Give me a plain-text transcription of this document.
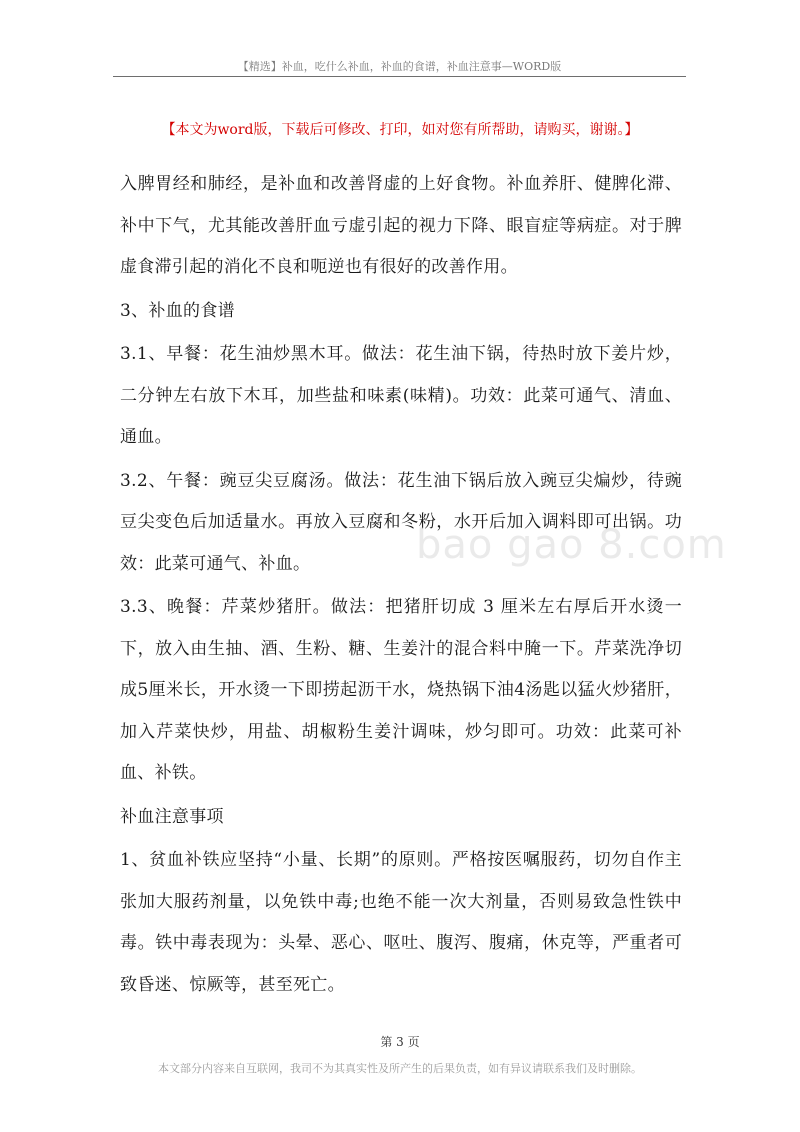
【精选】补血，吃什么补血，补血的食谱，补血注意事—WORD版
【本文为word版，下载后可修改、打印，如对您有所帮助，请购买，谢谢。】

入脾胃经和肺经，是补血和改善肾虚的上好食物。补血养肝、健脾化滞、补中下气，尤其能改善肝血亏虚引起的视力下降、眼盲症等病症。对于脾虚食滞引起的消化不良和呃逆也有很好的改善作用。

3、补血的食谱

3.1、早餐：花生油炒黑木耳。做法：花生油下锅，待热时放下姜片炒，二分钟左右放下木耳，加些盐和味素(味精)。功效：此菜可通气、清血、通血。

3.2、午餐：豌豆尖豆腐汤。做法：花生油下锅后放入豌豆尖煸炒，待豌豆尖变色后加适量水。再放入豆腐和冬粉，水开后加入调料即可出锅。功效：此菜可通气、补血。

3.3、晚餐：芹菜炒猪肝。做法：把猪肝切成 3 厘米左右厚后开水烫一下，放入由生抽、酒、生粉、糖、生姜汁的混合料中腌一下。芹菜洗净切成5厘米长，开水烫一下即捞起沥干水，烧热锅下油4汤匙以猛火炒猪肝，加入芹菜快炒，用盐、胡椒粉生姜汁调味，炒匀即可。功效：此菜可补血、补铁。

补血注意事项

1、贫血补铁应坚持“小量、长期”的原则。严格按医嘱服药，切勿自作主张加大服药剂量，以免铁中毒;也绝不能一次大剂量，否则易致急性铁中毒。铁中毒表现为：头晕、恶心、呕吐、腹泻、腹痛，休克等，严重者可致昏迷、惊厥等，甚至死亡。

bao gao 8.com
第 3 页
本文部分内容来自互联网，我司不为其真实性及所产生的后果负责，如有异议请联系我们及时删除。
